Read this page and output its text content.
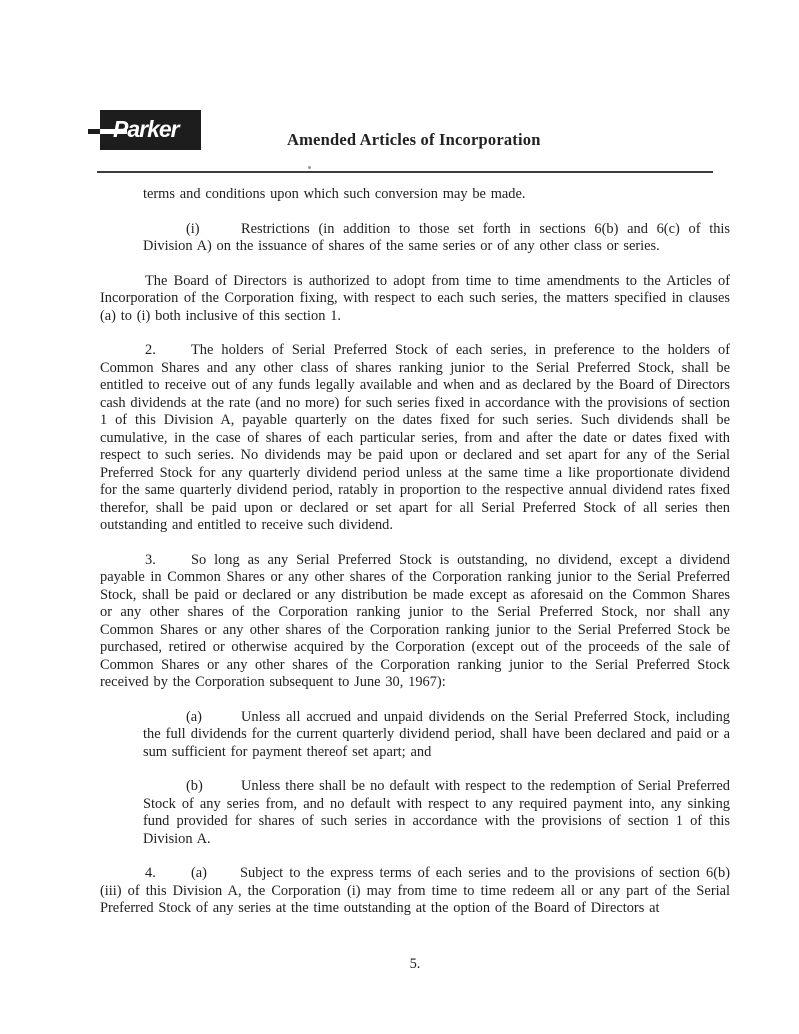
Parker	Amended Articles of Incorporation

terms and conditions upon which such conversion may be made.

(i)	Restrictions (in addition to those set forth in sections 6(b) and 6(c) of this Division A) on the issuance of shares of the same series or of any other class or series.

The Board of Directors is authorized to adopt from time to time amendments to the Articles of Incorporation of the Corporation fixing, with respect to each such series, the matters specified in clauses (a) to (i) both inclusive of this section 1.

2. The holders of Serial Preferred Stock of each series, in preference to the holders of Common Shares and any other class of shares ranking junior to the Serial Preferred Stock, shall be entitled to receive out of any funds legally available and when and as declared by the Board of Directors cash dividends at the rate (and no more) for such series fixed in accordance with the provisions of section 1 of this Division A, payable quarterly on the dates fixed for such series. Such dividends shall be cumulative, in the case of shares of each particular series, from and after the date or dates fixed with respect to such series. No dividends may be paid upon or declared and set apart for any of the Serial Preferred Stock for any quarterly dividend period unless at the same time a like proportionate dividend for the same quarterly dividend period, ratably in proportion to the respective annual dividend rates fixed therefor, shall be paid upon or declared or set apart for all Serial Preferred Stock of all series then outstanding and entitled to receive such dividend.

3. So long as any Serial Preferred Stock is outstanding, no dividend, except a dividend payable in Common Shares or any other shares of the Corporation ranking junior to the Serial Preferred Stock, shall be paid or declared or any distribution be made except as aforesaid on the Common Shares or any other shares of the Corporation ranking junior to the Serial Preferred Stock, nor shall any Common Shares or any other shares of the Corporation ranking junior to the Serial Preferred Stock be purchased, retired or otherwise acquired by the Corporation (except out of the proceeds of the sale of Common Shares or any other shares of the Corporation ranking junior to the Serial Preferred Stock received by the Corporation subsequent to June 30, 1967):

(a)	Unless all accrued and unpaid dividends on the Serial Preferred Stock, including the full dividends for the current quarterly dividend period, shall have been declared and paid or a sum sufficient for payment thereof set apart; and

(b)	Unless there shall be no default with respect to the redemption of Serial Preferred Stock of any series from, and no default with respect to any required payment into, any sinking fund provided for shares of such series in accordance with the provisions of section 1 of this Division A.

4. (a) Subject to the express terms of each series and to the provisions of section 6(b)(iii) of this Division A, the Corporation (i) may from time to time redeem all or any part of the Serial Preferred Stock of any series at the time outstanding at the option of the Board of Directors at

5.
